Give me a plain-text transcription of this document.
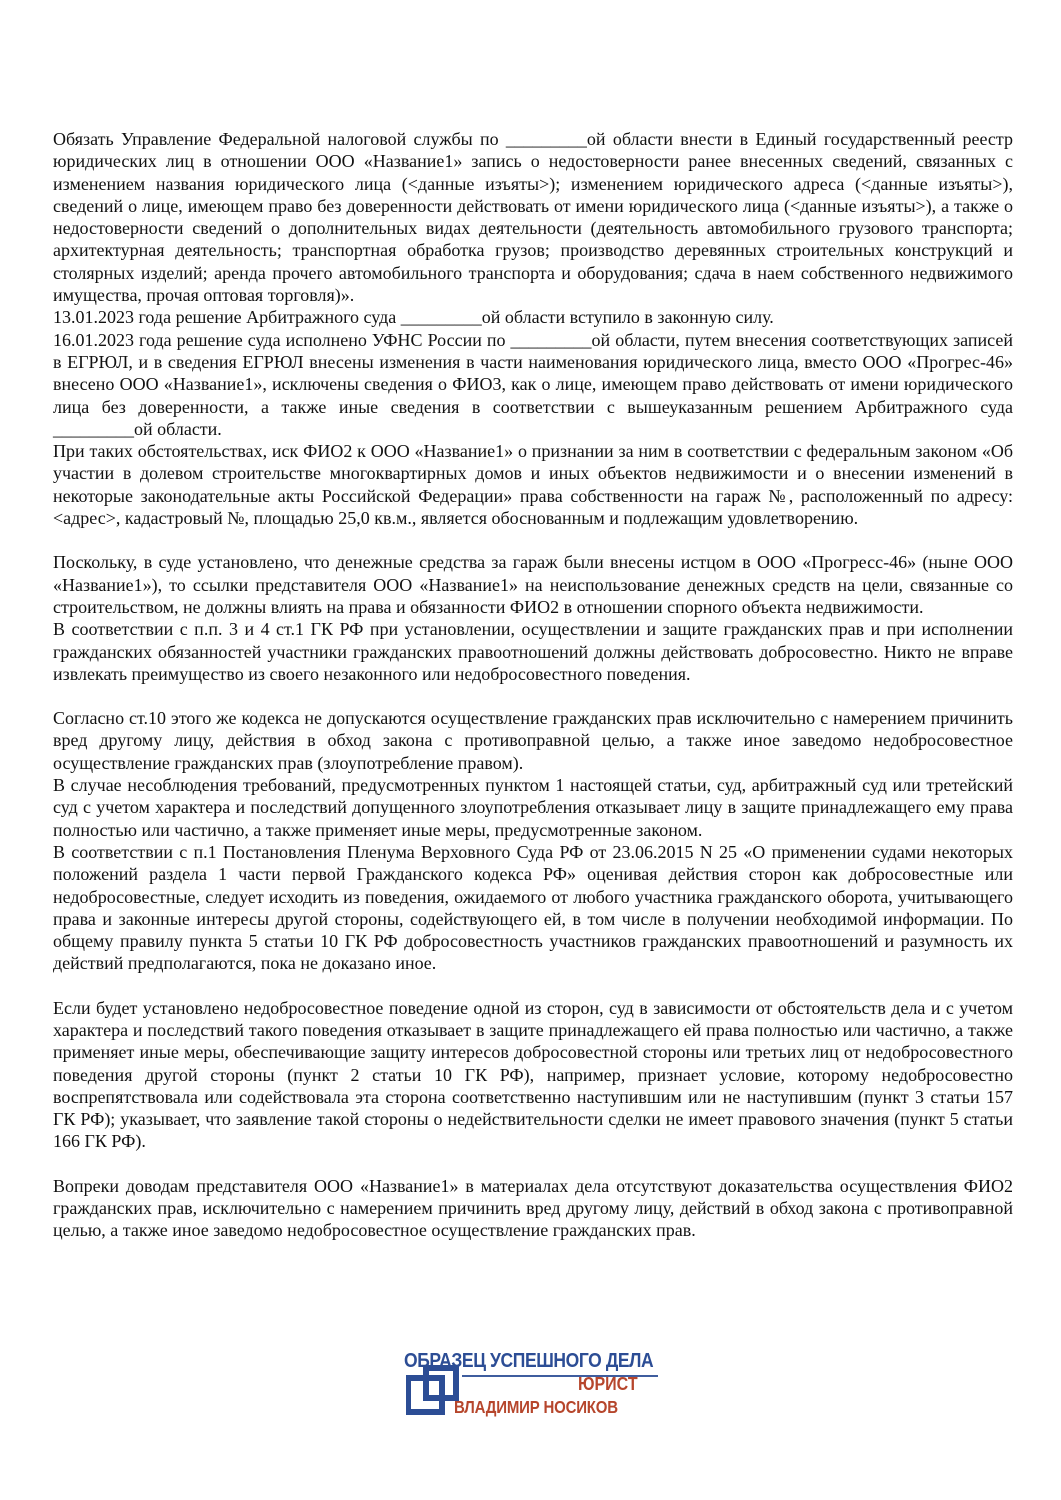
Обязать Управление Федеральной налоговой службы по _________ой области внести в Единый государственный реестр юридических лиц в отношении ООО «Название1» запись о недостоверности ранее внесенных сведений, связанных с изменением названия юридического лица (<данные изъяты>); изменением юридического адреса (<данные изъяты>), сведений о лице, имеющем право без доверенности действовать от имени юридического лица (<данные изъяты>), а также о недостоверности сведений о дополнительных видах деятельности (деятельность автомобильного грузового транспорта; архитектурная деятельность; транспортная обработка грузов; производство деревянных строительных конструкций и столярных изделий; аренда прочего автомобильного транспорта и оборудования; сдача в наем собственного недвижимого имущества, прочая оптовая торговля)».

13.01.2023 года решение Арбитражного суда _________ой области вступило в законную силу.

16.01.2023 года решение суда исполнено УФНС России по _________ой области, путем внесения соответствующих записей в ЕГРЮЛ, и в сведения ЕГРЮЛ внесены изменения в части наименования юридического лица, вместо ООО «Прогрес-46» внесено ООО «Название1», исключены сведения о ФИО3, как о лице, имеющем право действовать от имени юридического лица без доверенности, а также иные сведения в соответствии с вышеуказанным решением Арбитражного суда _________ой области.

При таких обстоятельствах, иск ФИО2 к ООО «Название1» о признании за ним в соответствии с федеральным законом «Об участии в долевом строительстве многоквартирных домов и иных объектов недвижимости и о внесении изменений в некоторые законодательные акты Российской Федерации» права собственности на гараж №, расположенный по адресу: <адрес>, кадастровый №, площадью 25,0 кв.м., является обоснованным и подлежащим удовлетворению.

Поскольку, в суде установлено, что денежные средства за гараж были внесены истцом в ООО «Прогресс-46» (ныне ООО «Название1»), то ссылки представителя ООО «Название1» на неиспользование денежных средств на цели, связанные со строительством, не должны влиять на права и обязанности ФИО2 в отношении спорного объекта недвижимости.

В соответствии с п.п. 3 и 4 ст.1 ГК РФ при установлении, осуществлении и защите гражданских прав и при исполнении гражданских обязанностей участники гражданских правоотношений должны действовать добросовестно. Никто не вправе извлекать преимущество из своего незаконного или недобросовестного поведения.

Согласно ст.10 этого же кодекса не допускаются осуществление гражданских прав исключительно с намерением причинить вред другому лицу, действия в обход закона с противоправной целью, а также иное заведомо недобросовестное осуществление гражданских прав (злоупотребление правом).

В случае несоблюдения требований, предусмотренных пунктом 1 настоящей статьи, суд, арбитражный суд или третейский суд с учетом характера и последствий допущенного злоупотребления отказывает лицу в защите принадлежащего ему права полностью или частично, а также применяет иные меры, предусмотренные законом.

В соответствии с п.1 Постановления Пленума Верховного Суда РФ от 23.06.2015 N 25 «О применении судами некоторых положений раздела 1 части первой Гражданского кодекса РФ» оценивая действия сторон как добросовестные или недобросовестные, следует исходить из поведения, ожидаемого от любого участника гражданского оборота, учитывающего права и законные интересы другой стороны, содействующего ей, в том числе в получении необходимой информации. По общему правилу пункта 5 статьи 10 ГК РФ добросовестность участников гражданских правоотношений и разумность их действий предполагаются, пока не доказано иное.

Если будет установлено недобросовестное поведение одной из сторон, суд в зависимости от обстоятельств дела и с учетом характера и последствий такого поведения отказывает в защите принадлежащего ей права полностью или частично, а также применяет иные меры, обеспечивающие защиту интересов добросовестной стороны или третьих лиц от недобросовестного поведения другой стороны (пункт 2 статьи 10 ГК РФ), например, признает условие, которому недобросовестно воспрепятствовала или содействовала эта сторона соответственно наступившим или не наступившим (пункт 3 статьи 157 ГК РФ); указывает, что заявление такой стороны о недействительности сделки не имеет правового значения (пункт 5 статьи 166 ГК РФ).

Вопреки доводам представителя ООО «Название1» в материалах дела отсутствуют доказательства осуществления ФИО2 гражданских прав, исключительно с намерением причинить вред другому лицу, действий в обход закона с противоправной целью, а также иное заведомо недобросовестное осуществление гражданских прав.

ОБРАЗЕЦ УСПЕШНОГО ДЕЛА
ЮРИСТ
ВЛАДИМИР НОСИКОВ
